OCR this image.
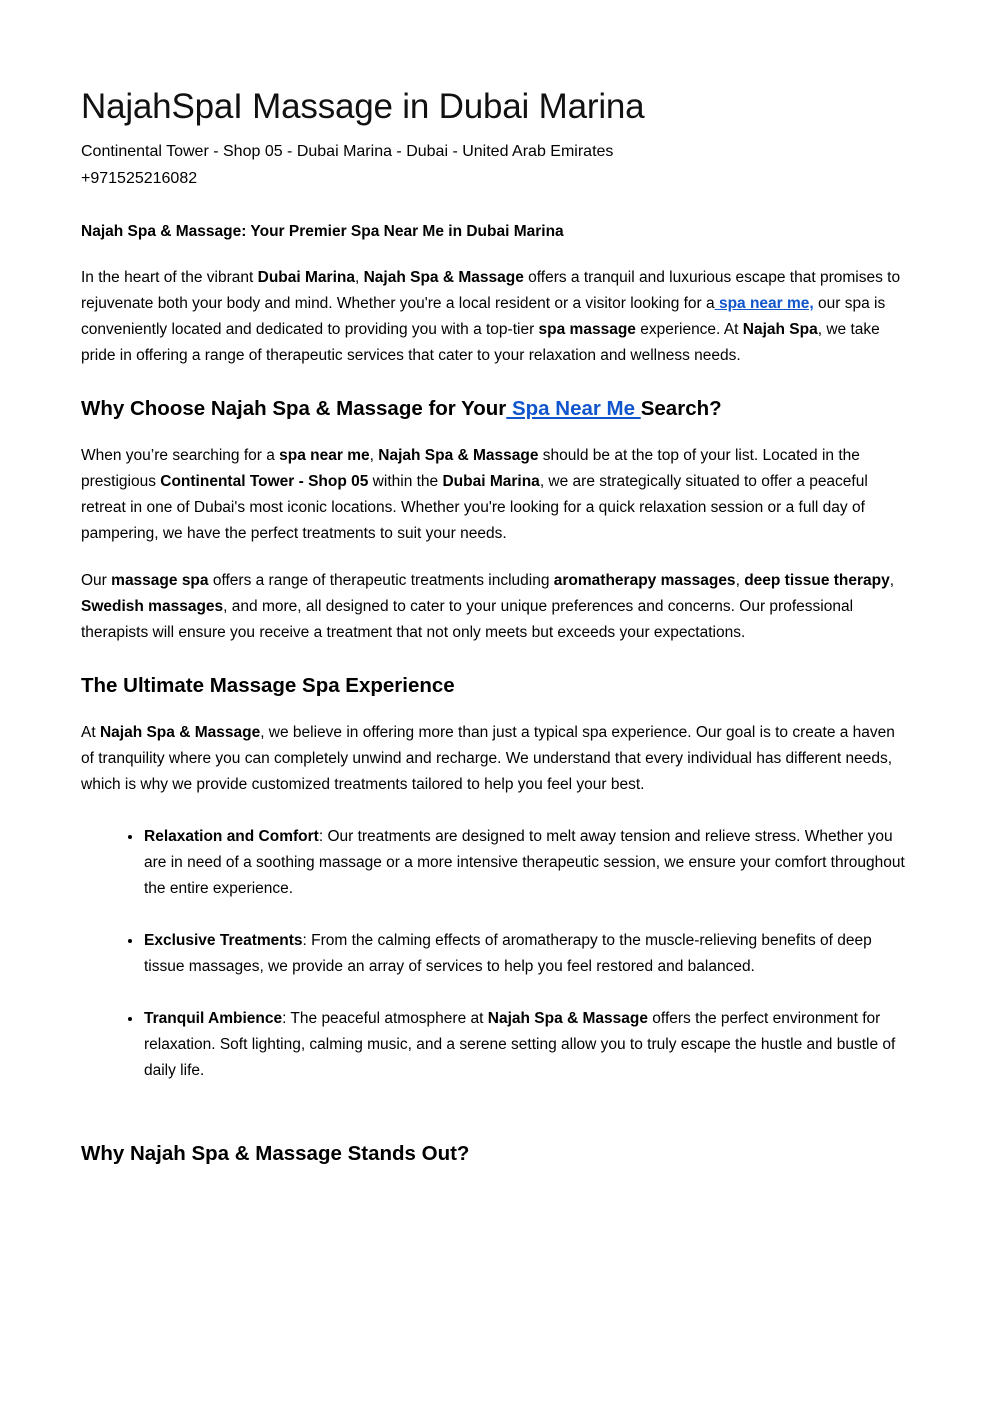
NajahSpaI Massage in Dubai Marina
Continental Tower - Shop 05 - Dubai Marina - Dubai - United Arab Emirates
+971525216082

Najah Spa & Massage: Your Premier Spa Near Me in Dubai Marina

In the heart of the vibrant Dubai Marina, Najah Spa & Massage offers a tranquil and luxurious escape that promises to rejuvenate both your body and mind. Whether you're a local resident or a visitor looking for a spa near me, our spa is conveniently located and dedicated to providing you with a top-tier spa massage experience. At Najah Spa, we take pride in offering a range of therapeutic services that cater to your relaxation and wellness needs.

Why Choose Najah Spa & Massage for Your Spa Near Me Search?

When you’re searching for a spa near me, Najah Spa & Massage should be at the top of your list. Located in the prestigious Continental Tower - Shop 05 within the Dubai Marina, we are strategically situated to offer a peaceful retreat in one of Dubai's most iconic locations. Whether you're looking for a quick relaxation session or a full day of pampering, we have the perfect treatments to suit your needs.

Our massage spa offers a range of therapeutic treatments including aromatherapy massages, deep tissue therapy, Swedish massages, and more, all designed to cater to your unique preferences and concerns. Our professional therapists will ensure you receive a treatment that not only meets but exceeds your expectations.

The Ultimate Massage Spa Experience

At Najah Spa & Massage, we believe in offering more than just a typical spa experience. Our goal is to create a haven of tranquility where you can completely unwind and recharge. We understand that every individual has different needs, which is why we provide customized treatments tailored to help you feel your best.

• Relaxation and Comfort: Our treatments are designed to melt away tension and relieve stress. Whether you are in need of a soothing massage or a more intensive therapeutic session, we ensure your comfort throughout the entire experience.
• Exclusive Treatments: From the calming effects of aromatherapy to the muscle-relieving benefits of deep tissue massages, we provide an array of services to help you feel restored and balanced.
• Tranquil Ambience: The peaceful atmosphere at Najah Spa & Massage offers the perfect environment for relaxation. Soft lighting, calming music, and a serene setting allow you to truly escape the hustle and bustle of daily life.
Why Najah Spa & Massage Stands Out?
